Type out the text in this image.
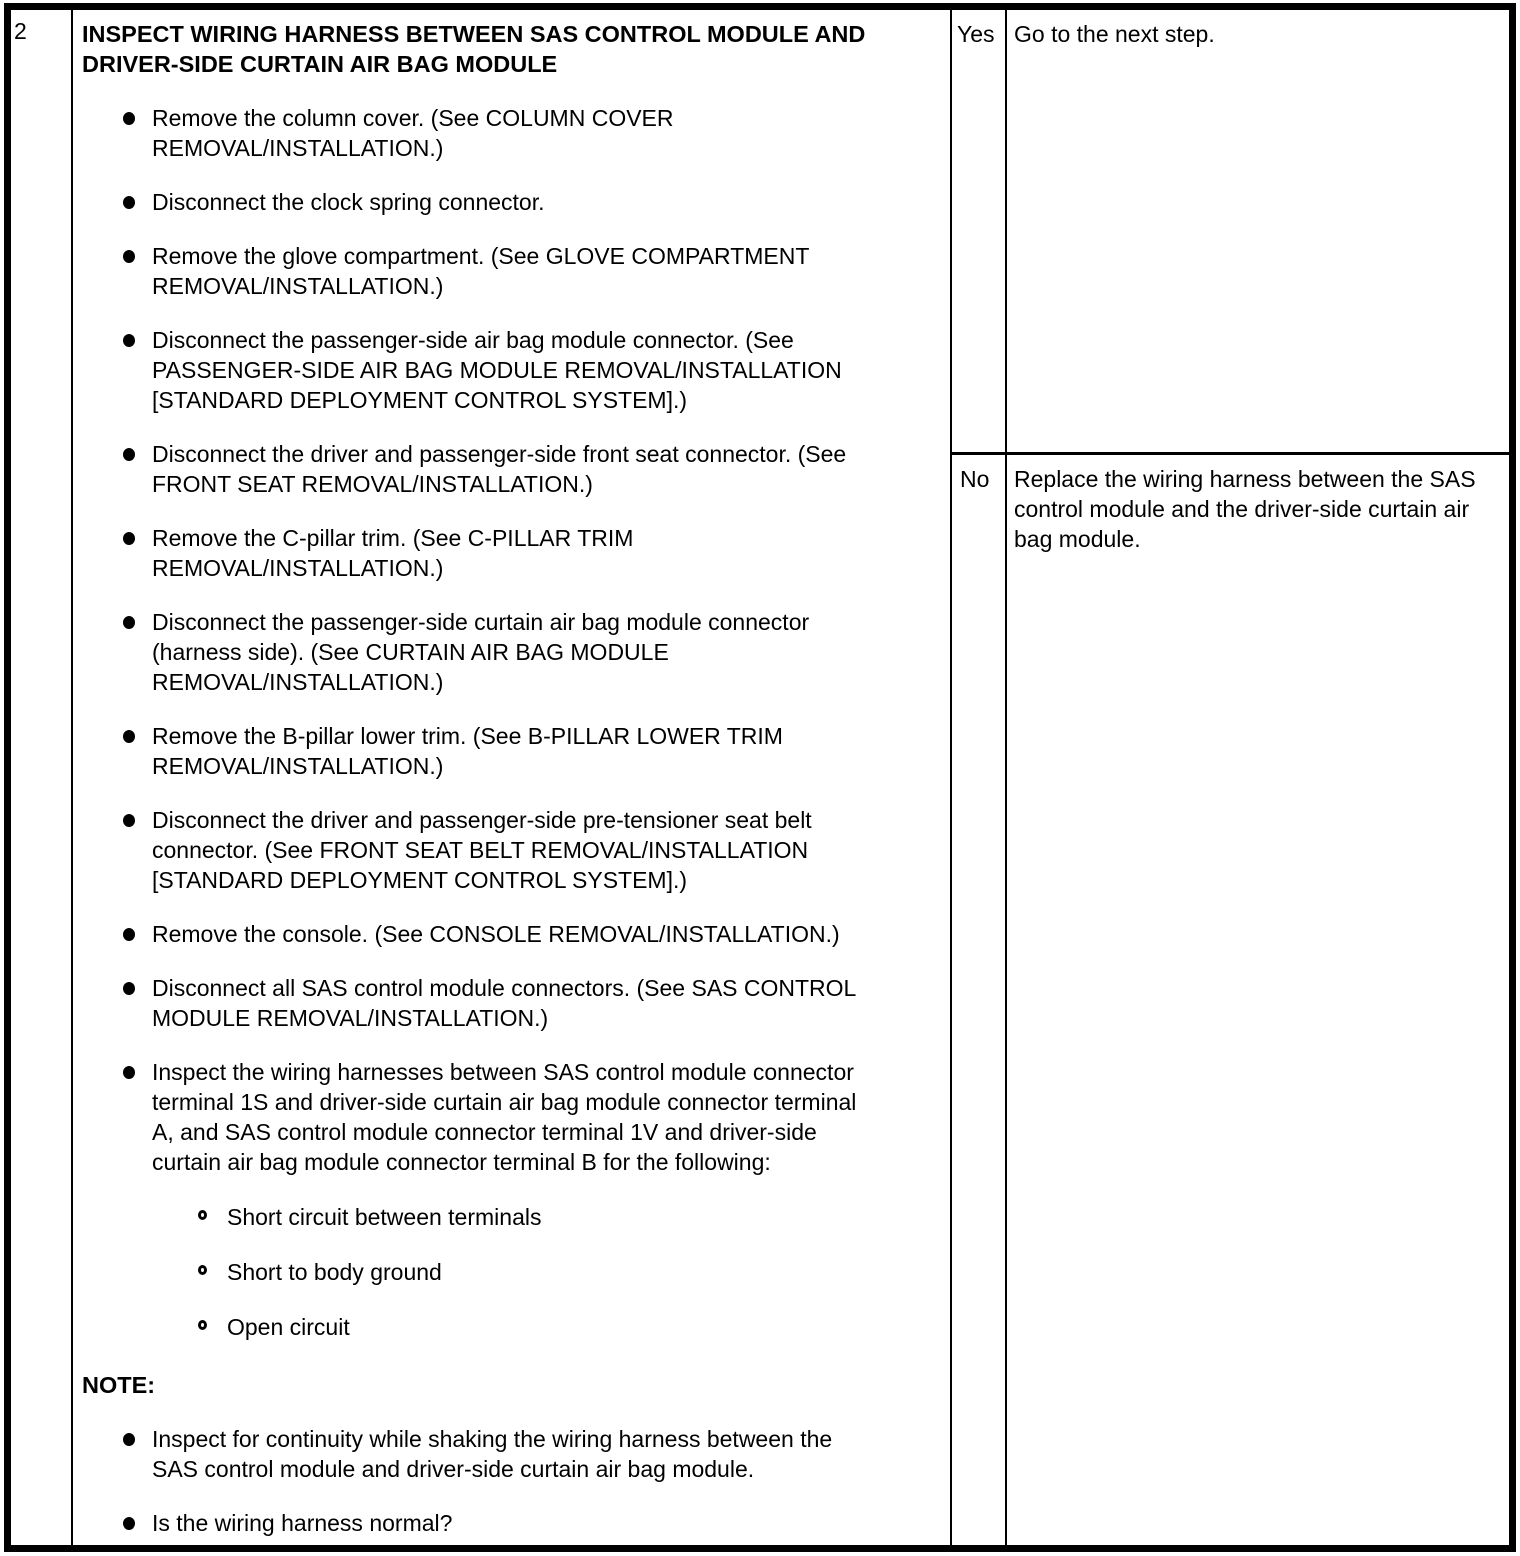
2	INSPECT WIRING HARNESS BETWEEN SAS CONTROL MODULE AND DRIVER-SIDE CURTAIN AIR BAG MODULE
Remove the column cover. (See COLUMN COVER REMOVAL/INSTALLATION.)
Disconnect the clock spring connector.
Remove the glove compartment. (See GLOVE COMPARTMENT REMOVAL/INSTALLATION.)
Disconnect the passenger-side air bag module connector. (See PASSENGER-SIDE AIR BAG MODULE REMOVAL/INSTALLATION [STANDARD DEPLOYMENT CONTROL SYSTEM].)
Disconnect the driver and passenger-side front seat connector. (See FRONT SEAT REMOVAL/INSTALLATION.)
Remove the C-pillar trim. (See C-PILLAR TRIM REMOVAL/INSTALLATION.)
Disconnect the passenger-side curtain air bag module connector (harness side). (See CURTAIN AIR BAG MODULE REMOVAL/INSTALLATION.)
Remove the B-pillar lower trim. (See B-PILLAR LOWER TRIM REMOVAL/INSTALLATION.)
Disconnect the driver and passenger-side pre-tensioner seat belt connector. (See FRONT SEAT BELT REMOVAL/INSTALLATION [STANDARD DEPLOYMENT CONTROL SYSTEM].)
Remove the console. (See CONSOLE REMOVAL/INSTALLATION.)
Disconnect all SAS control module connectors. (See SAS CONTROL MODULE REMOVAL/INSTALLATION.)
Inspect the wiring harnesses between SAS control module connector terminal 1S and driver-side curtain air bag module connector terminal A, and SAS control module connector terminal 1V and driver-side curtain air bag module connector terminal B for the following:
Short circuit between terminals
Short to body ground
Open circuit
NOTE:
Inspect for continuity while shaking the wiring harness between the SAS control module and driver-side curtain air bag module.
Is the wiring harness normal?
Yes Go to the next step.
No	Replace the wiring harness between the SAS control module and the driver-side curtain air bag module.
